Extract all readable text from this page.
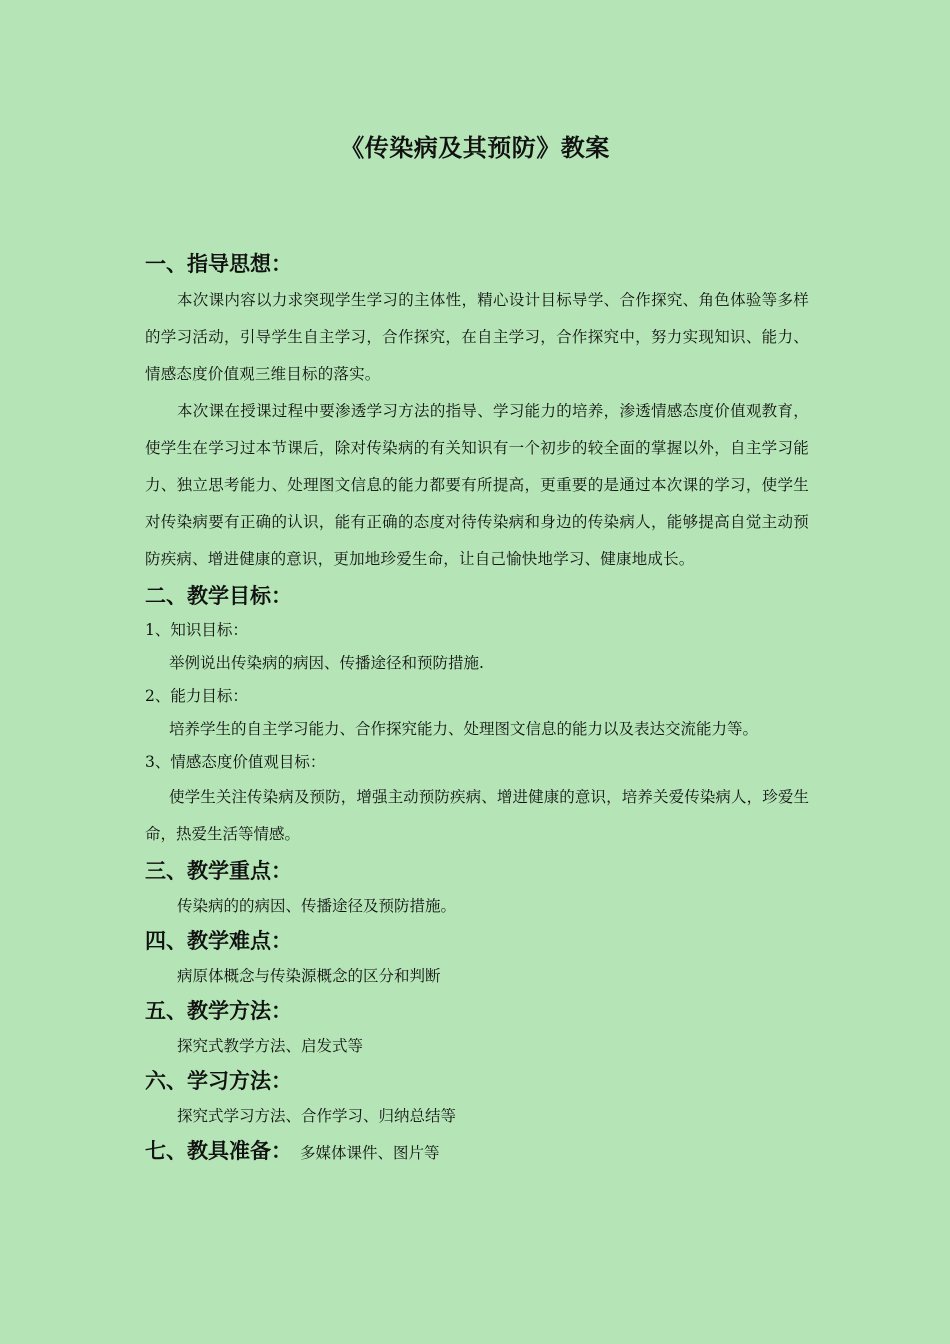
《传染病及其预防》教案
一、指导思想：
本次课内容以力求突现学生学习的主体性，精心设计目标导学、合作探究、角色体验等多样的学习活动，引导学生自主学习，合作探究，在自主学习，合作探究中，努力实现知识、能力、情感态度价值观三维目标的落实。
本次课在授课过程中要渗透学习方法的指导、学习能力的培养，渗透情感态度价值观教育，使学生在学习过本节课后，除对传染病的有关知识有一个初步的较全面的掌握以外，自主学习能力、独立思考能力、处理图文信息的能力都要有所提高，更重要的是通过本次课的学习，使学生对传染病要有正确的认识，能有正确的态度对待传染病和身边的传染病人，能够提高自觉主动预防疾病、增进健康的意识，更加地珍爱生命，让自己愉快地学习、健康地成长。
二、教学目标：
1、知识目标：
举例说出传染病的病因、传播途径和预防措施.
2、能力目标：
培养学生的自主学习能力、合作探究能力、处理图文信息的能力以及表达交流能力等。
3、情感态度价值观目标：
使学生关注传染病及预防，增强主动预防疾病、增进健康的意识，培养关爱传染病人，珍爱生命，热爱生活等情感。
三、教学重点：
传染病的的病因、传播途径及预防措施。
四、教学难点：
病原体概念与传染源概念的区分和判断
五、教学方法：
探究式教学方法、启发式等
六、学习方法：
探究式学习方法、合作学习、归纳总结等
七、教具准备： 多媒体课件、图片等
